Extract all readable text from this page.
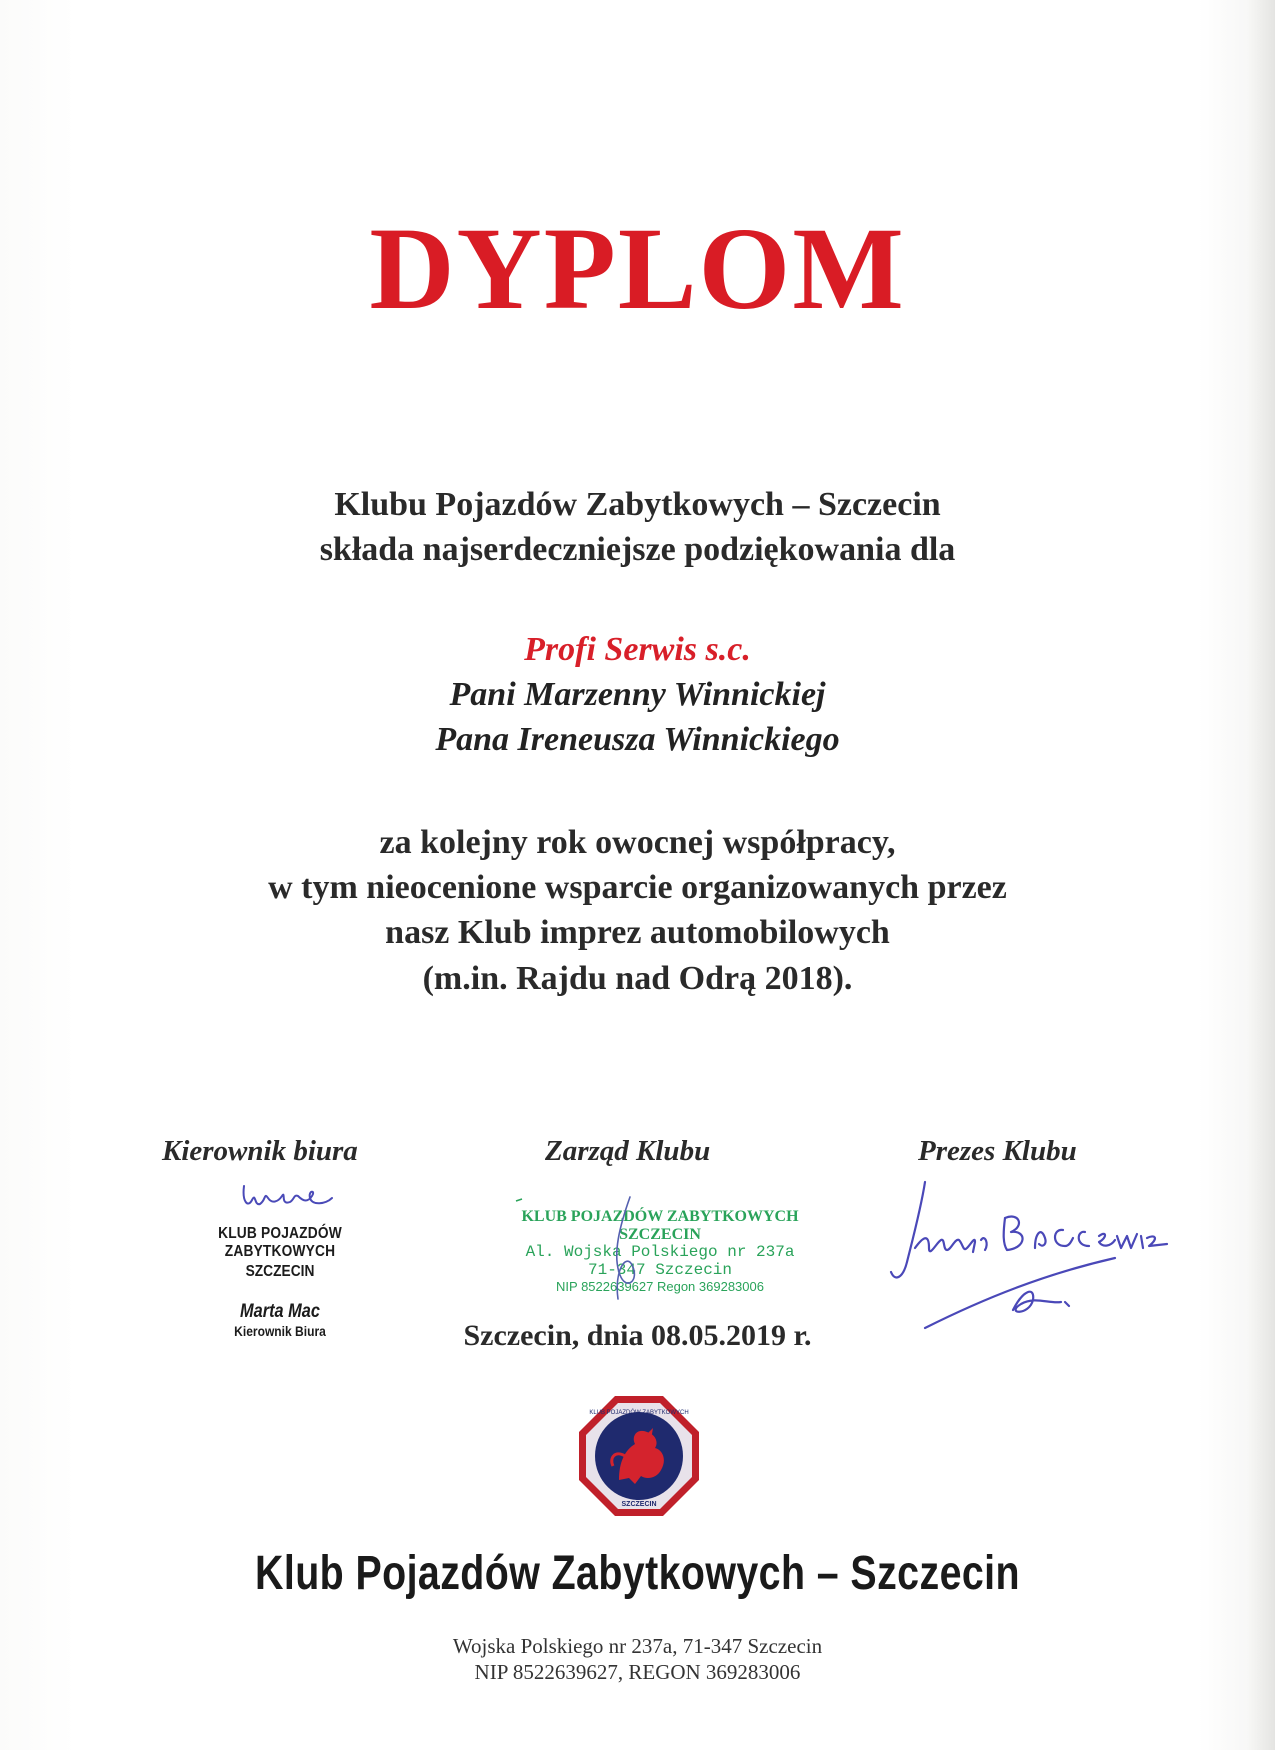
DYPLOM
Klubu Pojazdów Zabytkowych – Szczecin
składa najserdeczniejsze podziękowania dla
Profi Serwis s.c.
Pani Marzenny Winnickiej
Pana Ireneusza Winnickiego
za kolejny rok owocnej współpracy,
w tym nieocenione wsparcie organizowanych przez
nasz Klub imprez automobilowych
(m.in. Rajdu nad Odrą 2018).
Kierownik biura	Zarząd Klubu	Prezes Klubu
KLUB POJAZDÓW ZABYTKOWYCH
SZCZECIN
Marta Mac
Kierownik Biura
KLUB POJAZDÓW ZABYTKOWYCH
SZCZECIN
Al. Wojska Polskiego nr 237a
71-347 Szczecin
NIP 8522639627 Regon 369283006
Szczecin, dnia 08.05.2019 r.
KLUB POJAZDÓW ZABYTKOWYCH
SZCZECIN
Klub Pojazdów Zabytkowych – Szczecin
Wojska Polskiego nr 237a, 71-347 Szczecin
NIP 8522639627, REGON 369283006
